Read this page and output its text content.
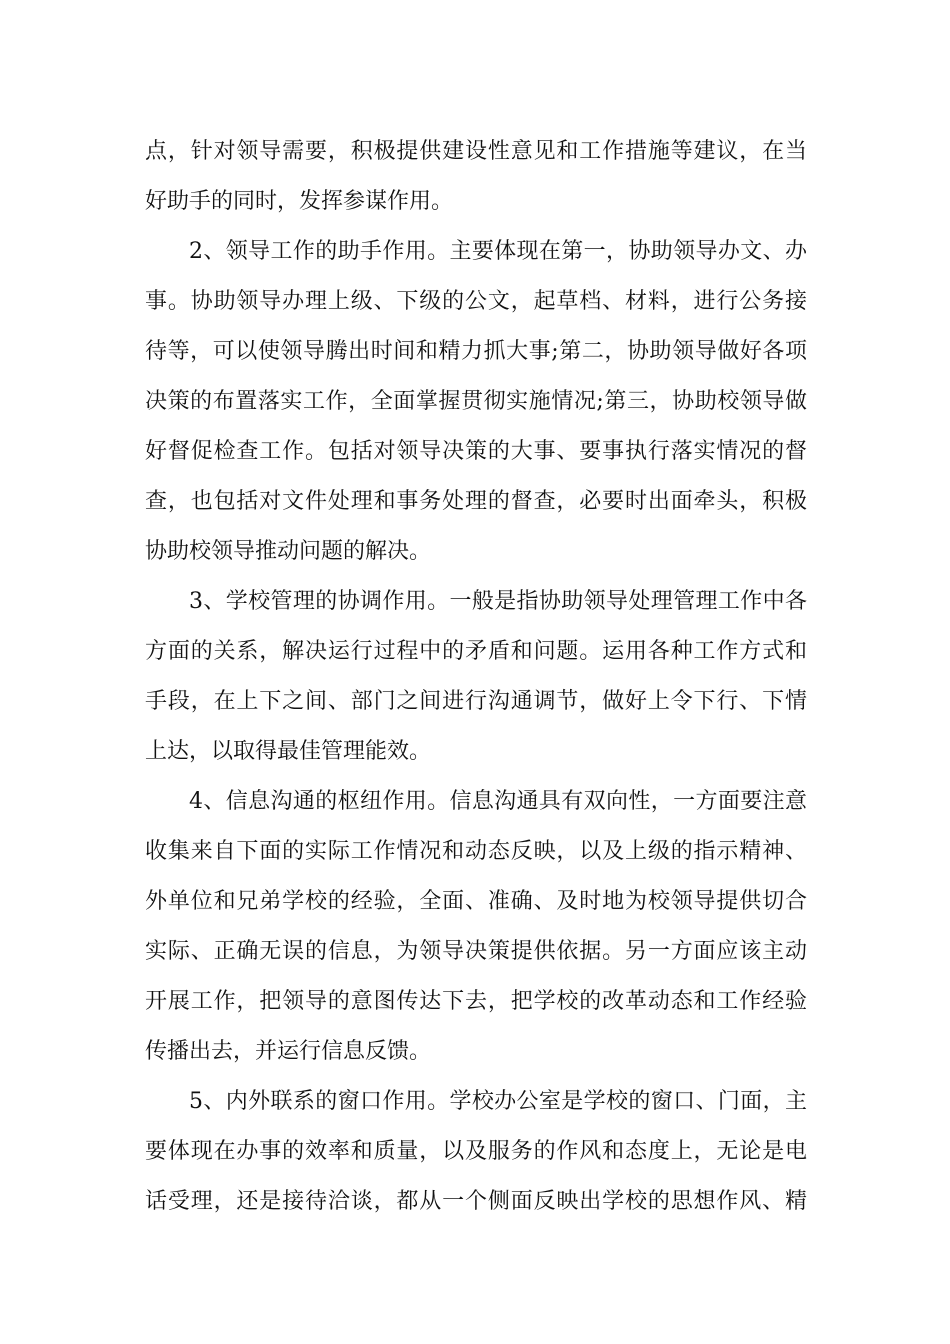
点，针对领导需要，积极提供建设性意见和工作措施等建议，在当
好助手的同时，发挥参谋作用。
2、领导工作的助手作用。主要体现在第一，协助领导办文、办
事。协助领导办理上级、下级的公文，起草档、材料，进行公务接
待等，可以使领导腾出时间和精力抓大事;第二，协助领导做好各项
决策的布置落实工作，全面掌握贯彻实施情况;第三，协助校领导做
好督促检查工作。包括对领导决策的大事、要事执行落实情况的督
查，也包括对文件处理和事务处理的督查，必要时出面牵头，积极
协助校领导推动问题的解决。
3、学校管理的协调作用。一般是指协助领导处理管理工作中各
方面的关系，解决运行过程中的矛盾和问题。运用各种工作方式和
手段，在上下之间、部门之间进行沟通调节，做好上令下行、下情
上达，以取得最佳管理能效。
4、信息沟通的枢纽作用。信息沟通具有双向性，一方面要注意
收集来自下面的实际工作情况和动态反映，以及上级的指示精神、
外单位和兄弟学校的经验，全面、准确、及时地为校领导提供切合
实际、正确无误的信息，为领导决策提供依据。另一方面应该主动
开展工作，把领导的意图传达下去，把学校的改革动态和工作经验
传播出去，并运行信息反馈。
5、内外联系的窗口作用。学校办公室是学校的窗口、门面，主
要体现在办事的效率和质量，以及服务的作风和态度上，无论是电
话受理，还是接待洽谈，都从一个侧面反映出学校的思想作风、精
